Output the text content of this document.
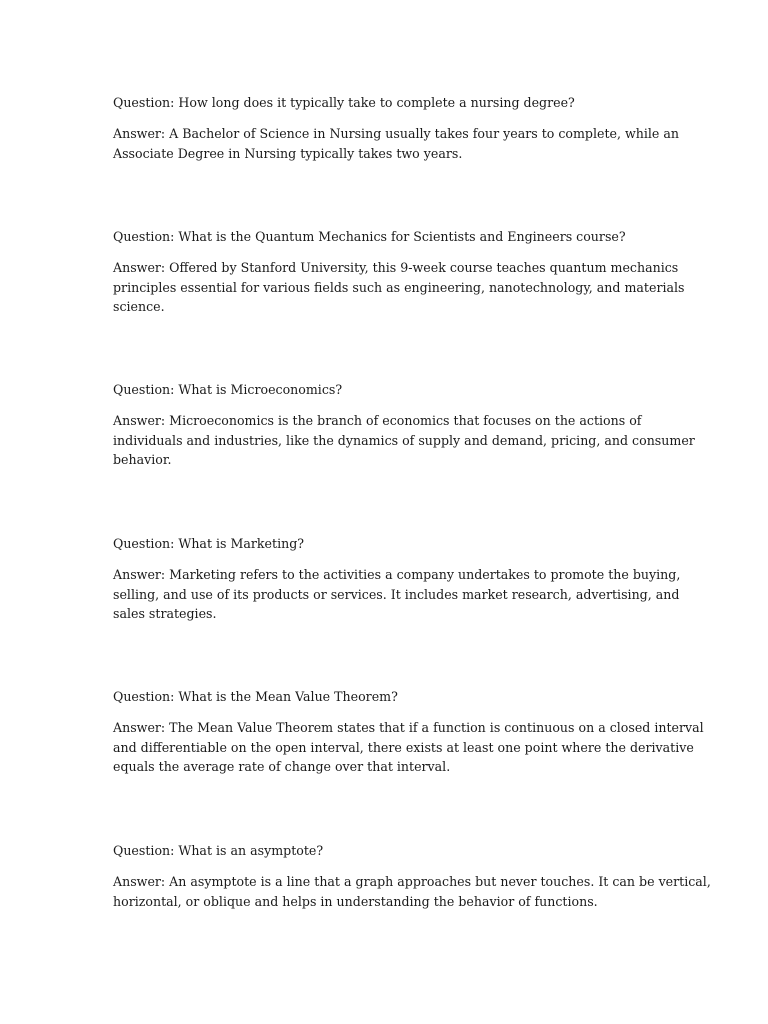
Question: How long does it typically take to complete a nursing degree?

Answer: A Bachelor of Science in Nursing usually takes four years to complete, while an
Associate Degree in Nursing typically takes two years.

Question: What is the Quantum Mechanics for Scientists and Engineers course?

Answer: Offered by Stanford University, this 9-week course teaches quantum mechanics
principles essential for various fields such as engineering, nanotechnology, and materials
science.

Question: What is Microeconomics?

Answer: Microeconomics is the branch of economics that focuses on the actions of
individuals and industries, like the dynamics of supply and demand, pricing, and consumer
behavior.

Question: What is Marketing?

Answer: Marketing refers to the activities a company undertakes to promote the buying,
selling, and use of its products or services. It includes market research, advertising, and
sales strategies.

Question: What is the Mean Value Theorem?

Answer: The Mean Value Theorem states that if a function is continuous on a closed interval
and differentiable on the open interval, there exists at least one point where the derivative
equals the average rate of change over that interval.

Question: What is an asymptote?

Answer: An asymptote is a line that a graph approaches but never touches. It can be vertical,
horizontal, or oblique and helps in understanding the behavior of functions.
